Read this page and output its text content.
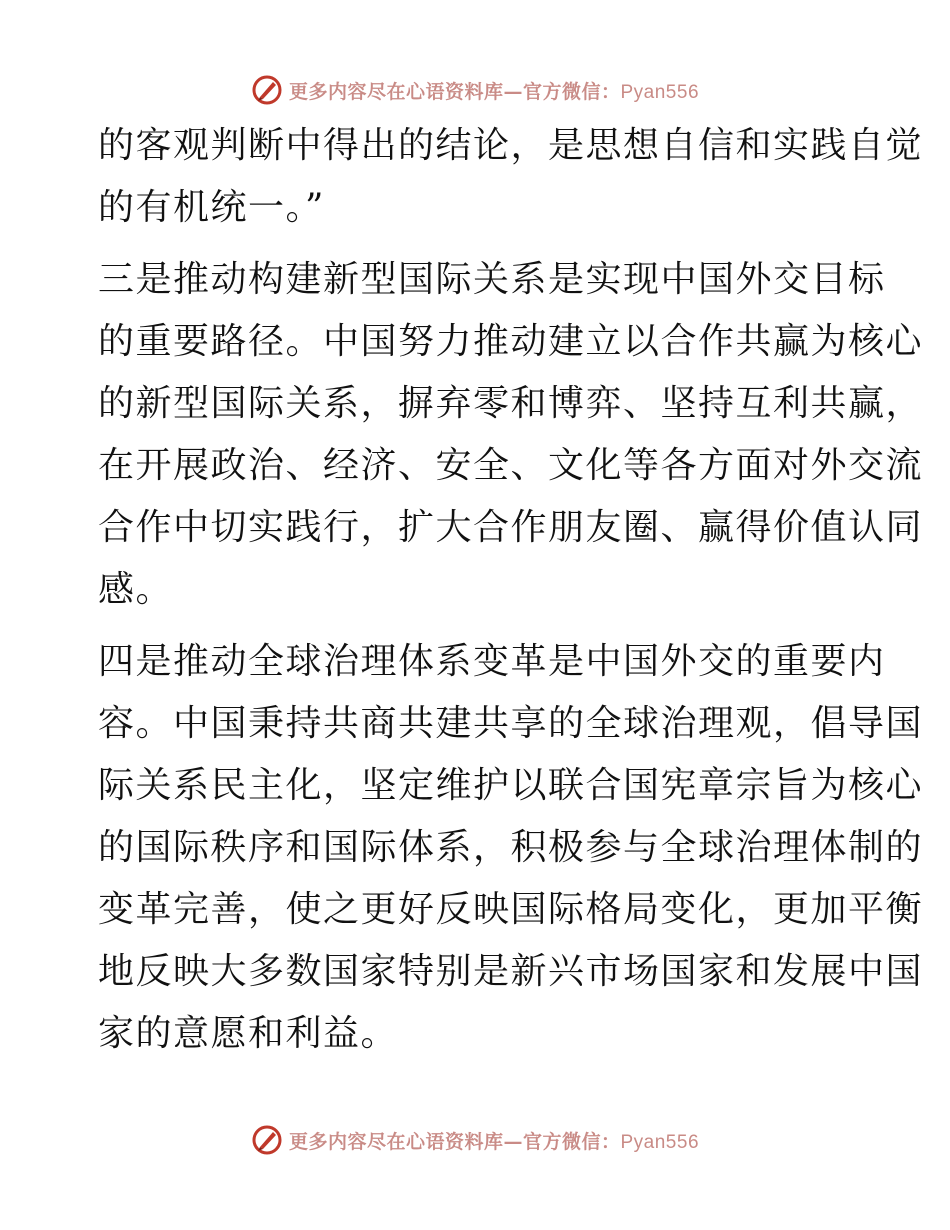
更多内容尽在心语资料库—官方微信：Pyan556
的客观判断中得出的结论，是思想自信和实践自觉
的有机统一。”
三是推动构建新型国际关系是实现中国外交目标
的重要路径。中国努力推动建立以合作共赢为核心
的新型国际关系，摒弃零和博弈、坚持互利共赢，
在开展政治、经济、安全、文化等各方面对外交流
合作中切实践行，扩大合作朋友圈、赢得价值认同
感。
四是推动全球治理体系变革是中国外交的重要内
容。中国秉持共商共建共享的全球治理观，倡导国
际关系民主化，坚定维护以联合国宪章宗旨为核心
的国际秩序和国际体系，积极参与全球治理体制的
变革完善，使之更好反映国际格局变化，更加平衡
地反映大多数国家特别是新兴市场国家和发展中国
家的意愿和利益。
更多内容尽在心语资料库—官方微信：Pyan556
